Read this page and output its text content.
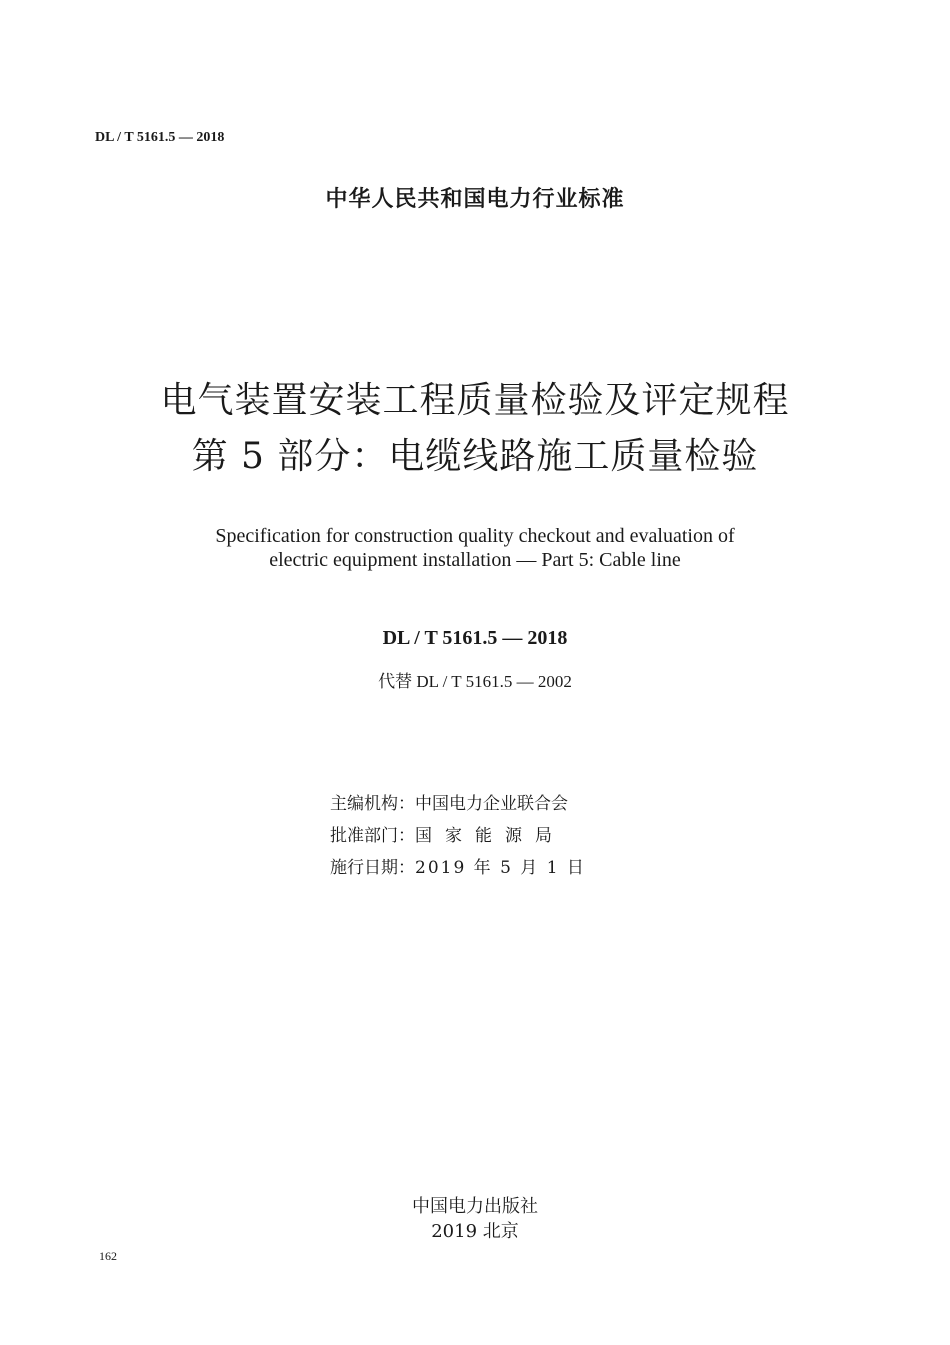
DL / T 5161.5 — 2018
中华人民共和国电力行业标准
电气装置安装工程质量检验及评定规程
第 5 部分：电缆线路施工质量检验
Specification for construction quality checkout and evaluation of
electric equipment installation — Part 5: Cable line
DL / T 5161.5 — 2018
代替 DL / T 5161.5 — 2002
主编机构：中国电力企业联合会
批准部门：国家能源局
施行日期：2019 年 5 月 1 日
中国电力出版社
2019 北京
162
